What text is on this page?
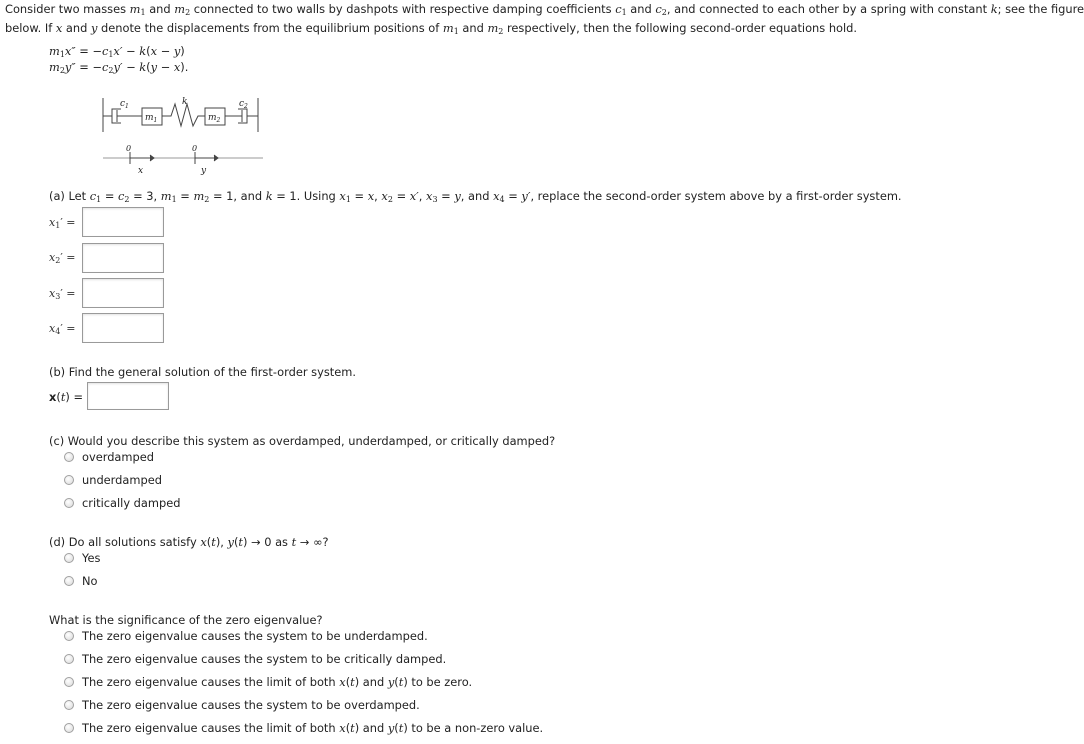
Consider two masses $m_1$ and $m_2$ connected to two walls by dashpots with respective damping coefficients $c_1$ and $c_2$, and connected to each other by a spring with constant k; see the figure
below. If x and y denote the displacements from the equilibrium positions of $m_1$ and $m_2$ respectively, then the following second-order equations hold.
$m_1x'' = -c_1x' - k(x - y)$
$m_2y'' = -c_2y' - k(y - x)$.
$c_1$	k	$c_2$
$m_1$	$m_2$
0	0
x	y
(a) Let $c_1 = c_2 = 3$, $m_1 = m_2 = 1$, and k = 1. Using $x_1 = x$, $x_2 = x'$, $x_3 = y$, and $x_4 = y'$, replace the second-order system above by a first-order system.
$x_1'$ =
$x_2'$ =
$x_3'$ =
$x_4'$ =
(b) Find the general solution of the first-order system.
x(t) =
(c) Would you describe this system as overdamped, underdamped, or critically damped?
overdamped
underdamped
critically damped
(d) Do all solutions satisfy x(t), y(t) → 0 as t → ∞?
Yes
No
What is the significance of the zero eigenvalue?
The zero eigenvalue causes the system to be underdamped.
The zero eigenvalue causes the system to be critically damped.
The zero eigenvalue causes the limit of both x(t) and y(t) to be zero.
The zero eigenvalue causes the system to be overdamped.
The zero eigenvalue causes the limit of both x(t) and y(t) to be a non-zero value.
